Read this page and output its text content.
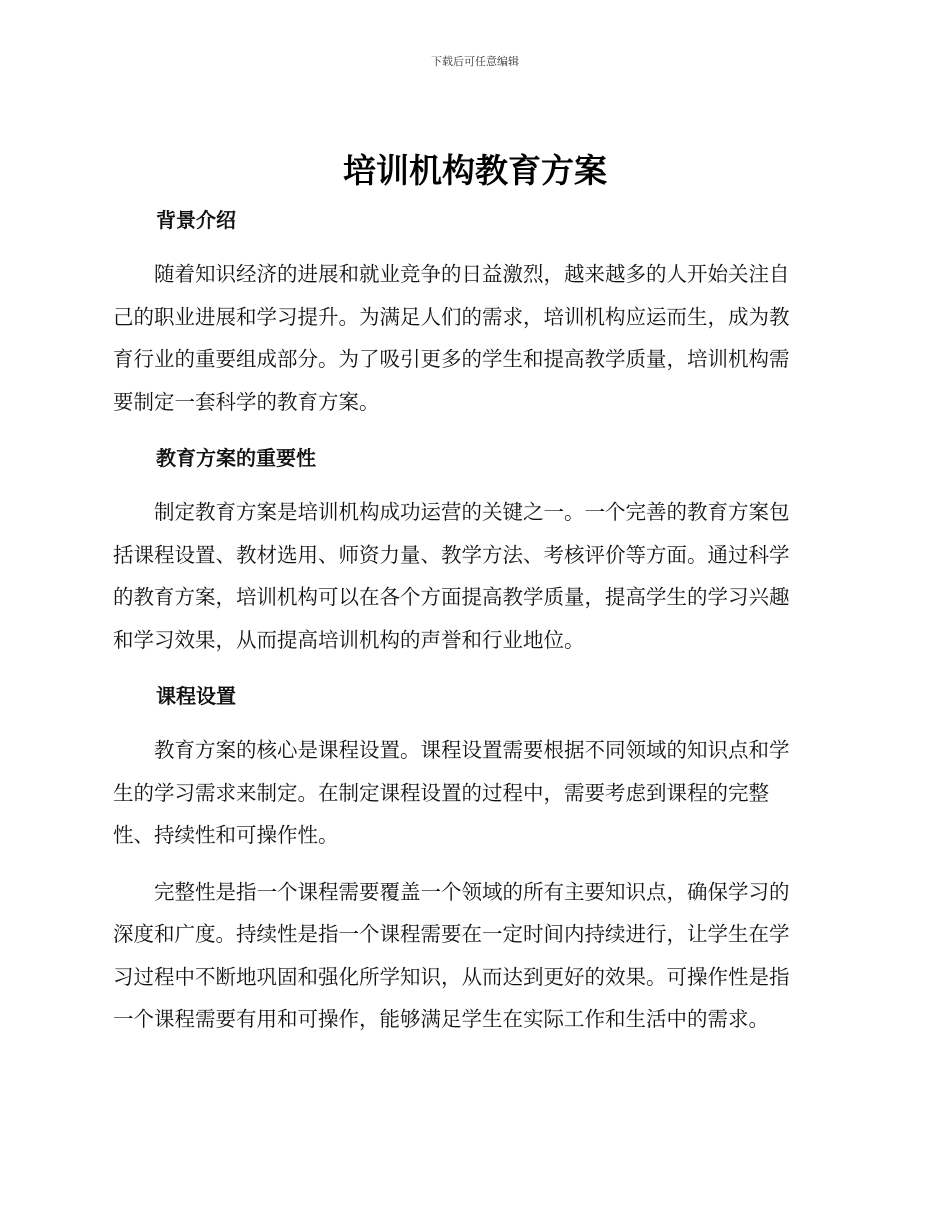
下载后可任意编辑
培训机构教育方案
背景介绍

　　随着知识经济的进展和就业竞争的日益激烈，越来越多的人开始关注自
己的职业进展和学习提升。为满足人们的需求，培训机构应运而生，成为教
育行业的重要组成部分。为了吸引更多的学生和提高教学质量，培训机构需
要制定一套科学的教育方案。

教育方案的重要性

　　制定教育方案是培训机构成功运营的关键之一。一个完善的教育方案包
括课程设置、教材选用、师资力量、教学方法、考核评价等方面。通过科学
的教育方案，培训机构可以在各个方面提高教学质量，提高学生的学习兴趣
和学习效果，从而提高培训机构的声誉和行业地位。

课程设置

　　教育方案的核心是课程设置。课程设置需要根据不同领域的知识点和学
生的学习需求来制定。在制定课程设置的过程中，需要考虑到课程的完整
性、持续性和可操作性。

　　完整性是指一个课程需要覆盖一个领域的所有主要知识点，确保学习的
深度和广度。持续性是指一个课程需要在一定时间内持续进行，让学生在学
习过程中不断地巩固和强化所学知识，从而达到更好的效果。可操作性是指
一个课程需要有用和可操作，能够满足学生在实际工作和生活中的需求。
